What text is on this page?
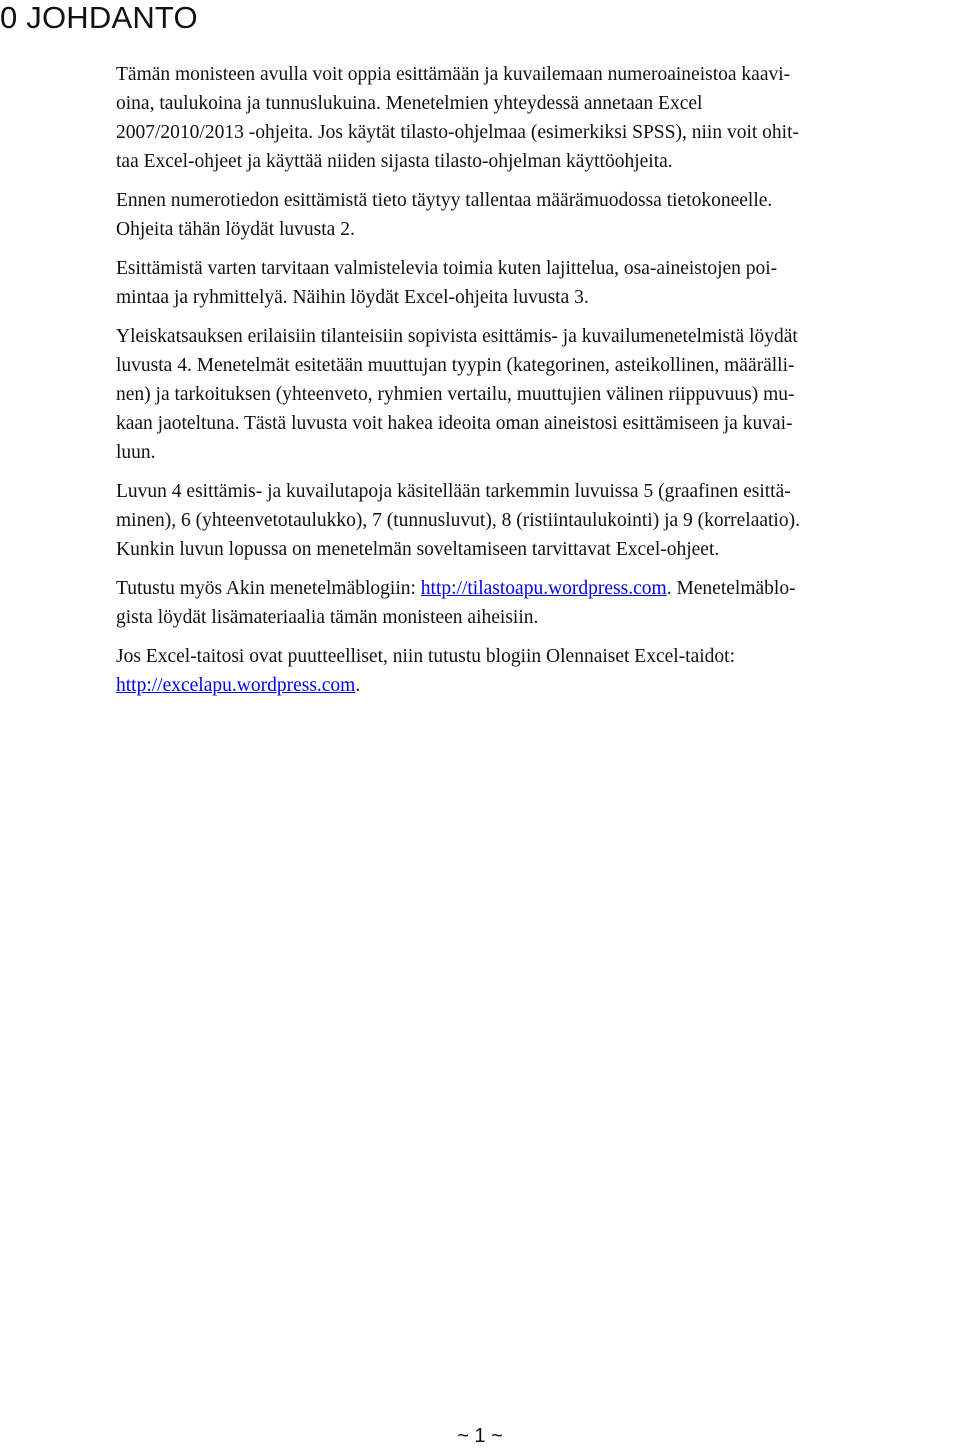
0 JOHDANTO

Tämän monisteen avulla voit oppia esittämään ja kuvailemaan numeroaineistoa kaavi-
oina, taulukoina ja tunnuslukuina. Menetelmien yhteydessä annetaan Excel
2007/2010/2013 -ohjeita. Jos käytät tilasto-ohjelmaa (esimerkiksi SPSS), niin voit ohit-
taa Excel-ohjeet ja käyttää niiden sijasta tilasto-ohjelman käyttöohjeita.

Ennen numerotiedon esittämistä tieto täytyy tallentaa määrämuodossa tietokoneelle.
Ohjeita tähän löydät luvusta 2.

Esittämistä varten tarvitaan valmistelevia toimia kuten lajittelua, osa-aineistojen poi-
mintaa ja ryhmittelyä. Näihin löydät Excel-ohjeita luvusta 3.

Yleiskatsauksen erilaisiin tilanteisiin sopivista esittämis- ja kuvailumenetelmistä löydät
luvusta 4. Menetelmät esitetään muuttujan tyypin (kategorinen, asteikollinen, määrälli-
nen) ja tarkoituksen (yhteenveto, ryhmien vertailu, muuttujien välinen riippuvuus) mu-
kaan jaoteltuna. Tästä luvusta voit hakea ideoita oman aineistosi esittämiseen ja kuvai-
luun.

Luvun 4 esittämis- ja kuvailutapoja käsitellään tarkemmin luvuissa 5 (graafinen esittä-
minen), 6 (yhteenvetotaulukko), 7 (tunnusluvut), 8 (ristiintaulukointi) ja 9 (korrelaatio).
Kunkin luvun lopussa on menetelmän soveltamiseen tarvittavat Excel-ohjeet.

Tutustu myös Akin menetelmäblogiin: http://tilastoapu.wordpress.com. Menetelmäblo-
gista löydät lisämateriaalia tämän monisteen aiheisiin.

Jos Excel-taitosi ovat puutteelliset, niin tutustu blogiin Olennaiset Excel-taidot:
http://excelapu.wordpress.com.

~ 1 ~
